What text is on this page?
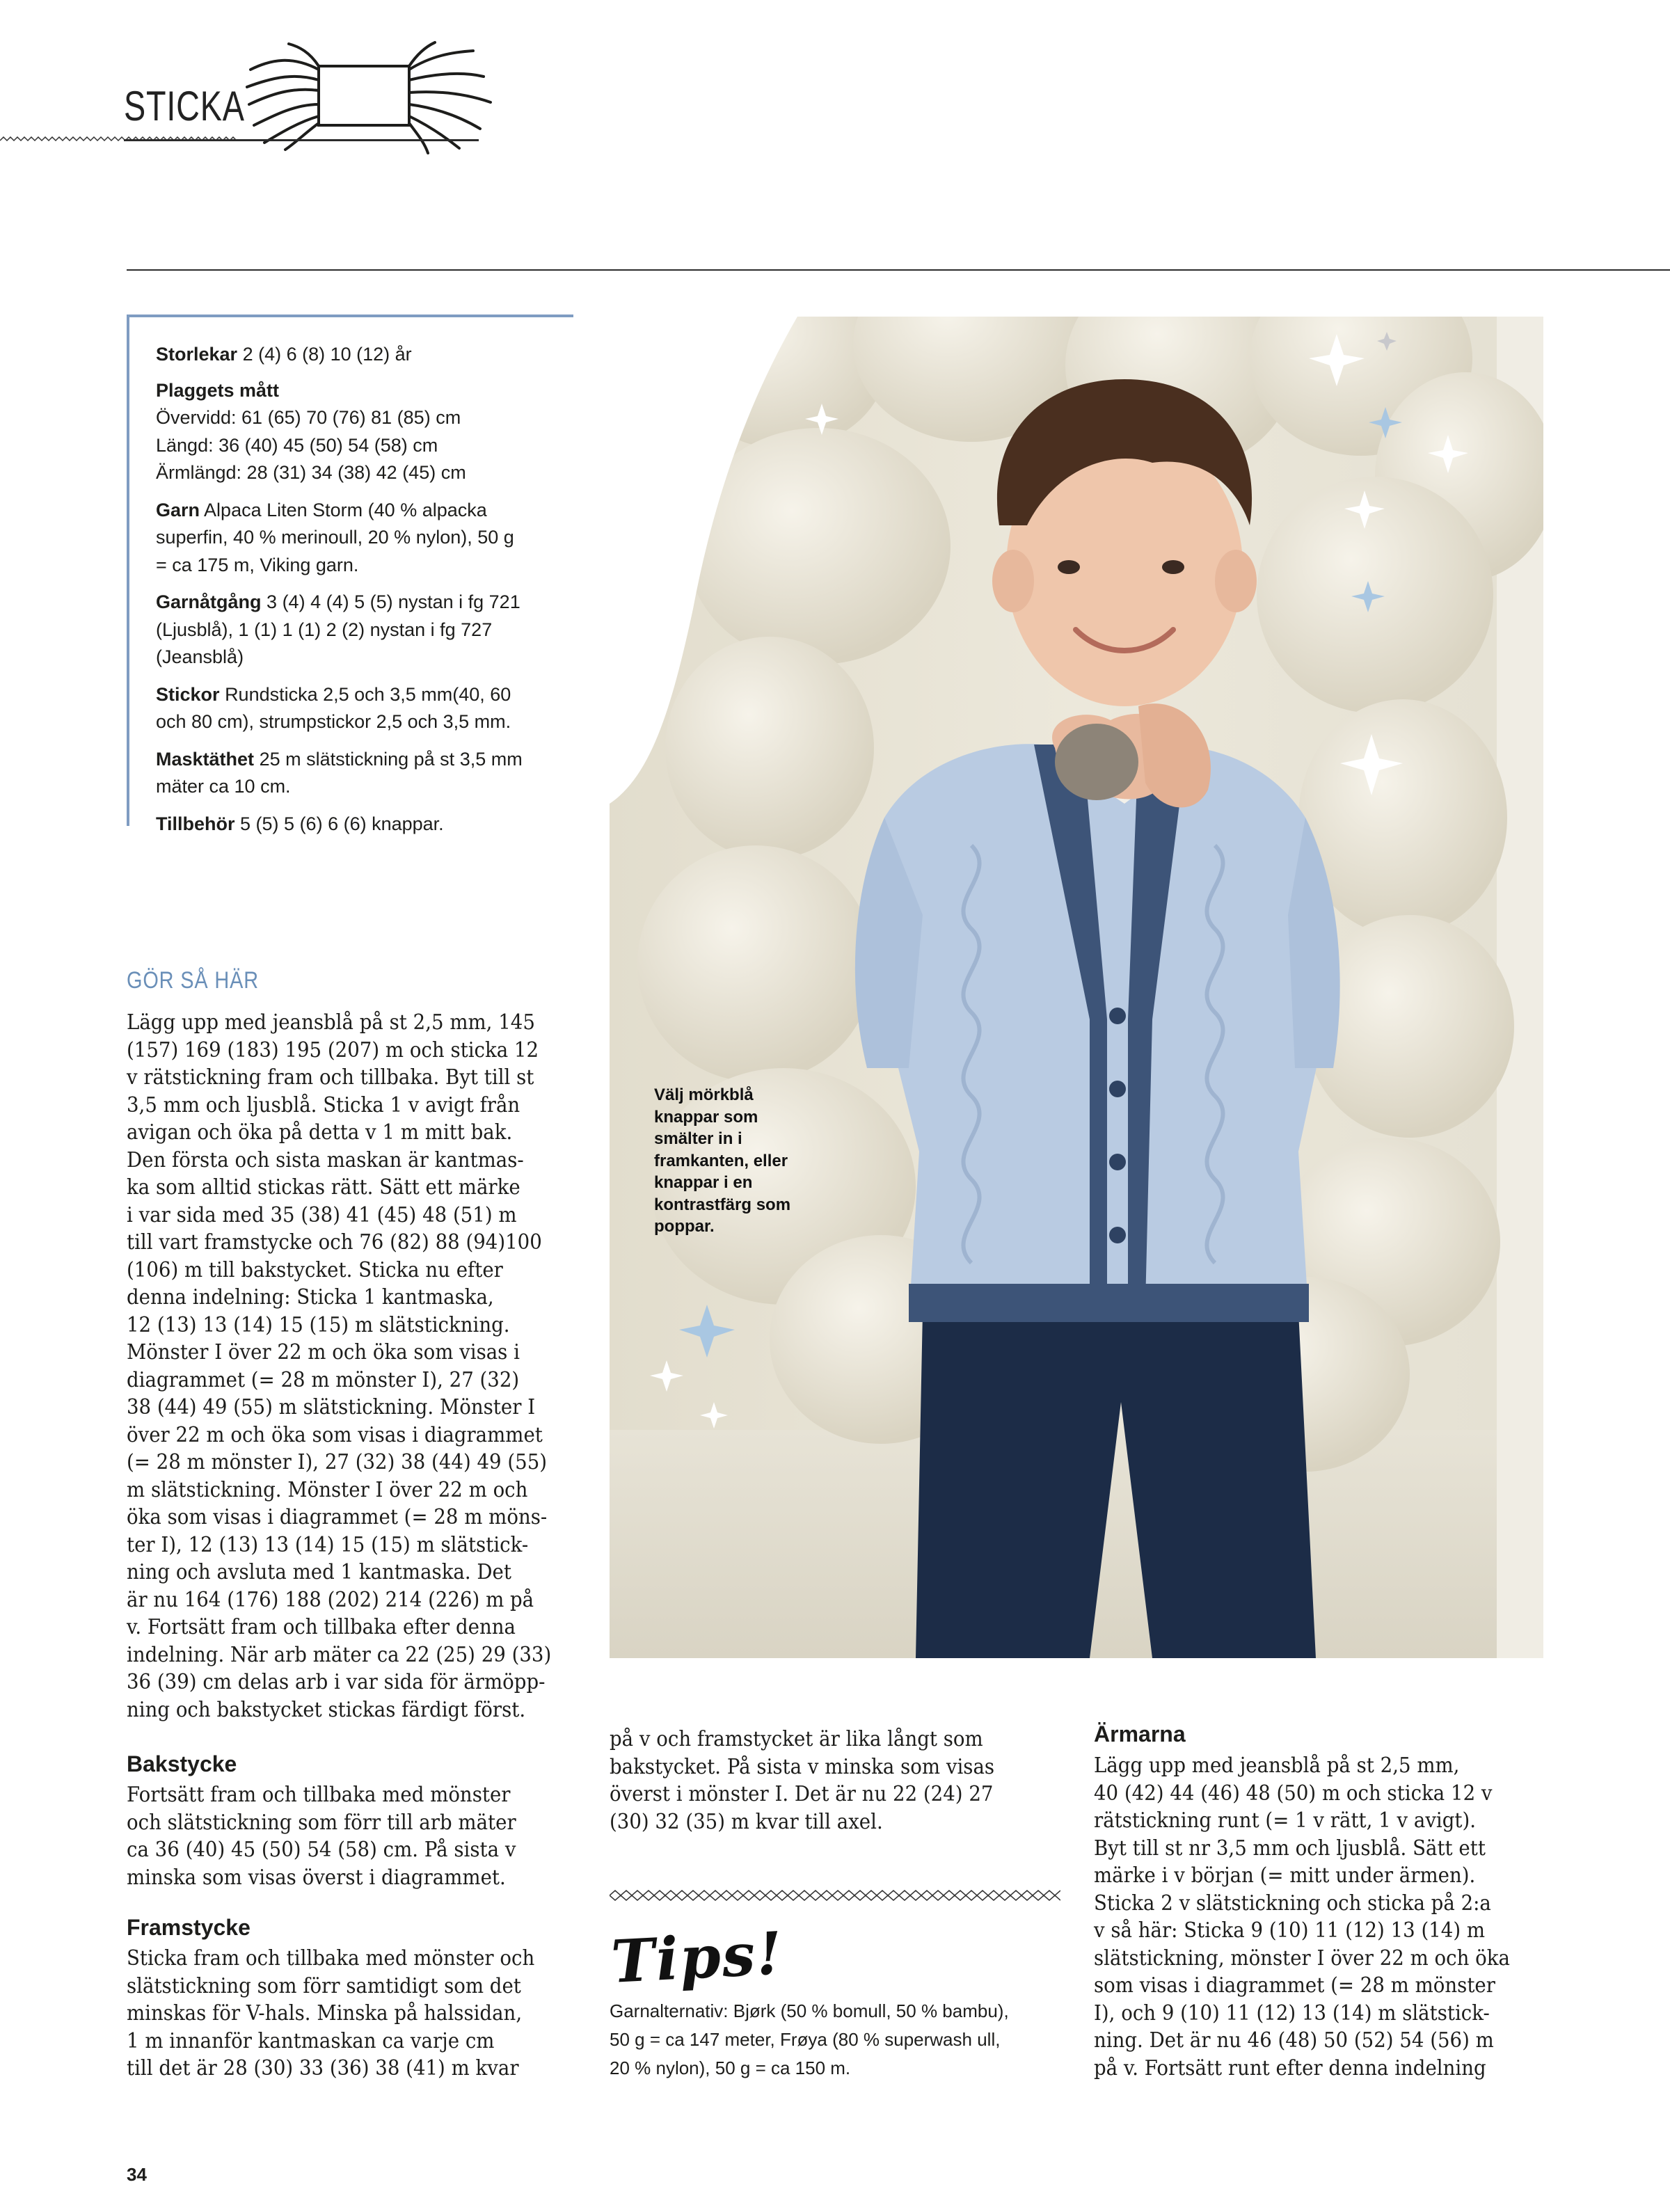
STICKA

Storlekar 2 (4) 6 (8) 10 (12) år

Plaggets mått
Övervidd: 61 (65) 70 (76) 81 (85) cm
Längd: 36 (40) 45 (50) 54 (58) cm
Ärmlängd: 28 (31) 34 (38) 42 (45) cm

Garn Alpaca Liten Storm (40 % alpacka
superfin, 40 % merinoull, 20 % nylon), 50 g
= ca 175 m, Viking garn.

Garnåtgång 3 (4) 4 (4) 5 (5) nystan i fg 721
(Ljusblå), 1 (1) 1 (1) 2 (2) nystan i fg 727
(Jeansblå)

Stickor Rundsticka 2,5 och 3,5 mm(40, 60
och 80 cm), strumpstickor 2,5 och 3,5 mm.

Masktäthet 25 m slätstickning på st 3,5 mm
mäter ca 10 cm.

Tillbehör 5 (5) 5 (6) 6 (6) knappar.

Välj mörkblå
knappar som
smälter in i
framkanten, eller
knappar i en
kontrastfärg som
poppar.
GÖR SÅ HÄR

Lägg upp med jeansblå på st 2,5 mm, 145

(157) 169 (183) 195 (207) m och sticka 12

v rätstickning fram och tillbaka. Byt till st

3,5 mm och ljusblå. Sticka 1 v avigt från

avigan och öka på detta v 1 m mitt bak.

Den första och sista maskan är kantmas-

ka som alltid stickas rätt. Sätt ett märke

i var sida med 35 (38) 41 (45) 48 (51) m

till vart framstycke och 76 (82) 88 (94)100

(106) m till bakstycket. Sticka nu efter

denna indelning: Sticka 1 kantmaska,

12 (13) 13 (14) 15 (15) m slätstickning.

Mönster I över 22 m och öka som visas i

diagrammet (= 28 m mönster I), 27 (32)

38 (44) 49 (55) m slätstickning. Mönster I

över 22 m och öka som visas i diagrammet

(= 28 m mönster I), 27 (32) 38 (44) 49 (55)

m slätstickning. Mönster I över 22 m och

öka som visas i diagrammet (= 28 m möns-

ter I), 12 (13) 13 (14) 15 (15) m slätstick-

ning och avsluta med 1 kantmaska. Det

är nu 164 (176) 188 (202) 214 (226) m på

v. Fortsätt fram och tillbaka efter denna

indelning. När arb mäter ca 22 (25) 29 (33)

36 (39) cm delas arb i var sida för ärmöpp-

ning och bakstycket stickas färdigt först.

Bakstycke

Fortsätt fram och tillbaka med mönster

och slätstickning som förr till arb mäter

ca 36 (40) 45 (50) 54 (58) cm. På sista v

minska som visas överst i diagrammet.

Framstycke

Sticka fram och tillbaka med mönster och

slätstickning som förr samtidigt som det

minskas för V-hals. Minska på halssidan,

1 m innanför kantmaskan ca varje cm

till det är 28 (30) 33 (36) 38 (41) m kvar

på v och framstycket är lika långt som

bakstycket. På sista v minska som visas

överst i mönster I. Det är nu 22 (24) 27

(30) 32 (35) m kvar till axel.

Tips!
Garnalternativ: Bjørk (50 % bomull, 50 % bambu),
50 g = ca 147 meter, Frøya (80 % superwash ull,
20 % nylon), 50 g = ca 150 m.
Ärmarna

Lägg upp med jeansblå på st 2,5 mm,

40 (42) 44 (46) 48 (50) m och sticka 12 v

rätstickning runt (= 1 v rätt, 1 v avigt).

Byt till st nr 3,5 mm och ljusblå. Sätt ett

märke i v början (= mitt under ärmen).

Sticka 2 v slätstickning och sticka på 2:a

v så här: Sticka 9 (10) 11 (12) 13 (14) m

slätstickning, mönster I över 22 m och öka

som visas i diagrammet (= 28 m mönster

I), och 9 (10) 11 (12) 13 (14) m slätstick-

ning. Det är nu 46 (48) 50 (52) 54 (56) m

på v. Fortsätt runt efter denna indelning

34
